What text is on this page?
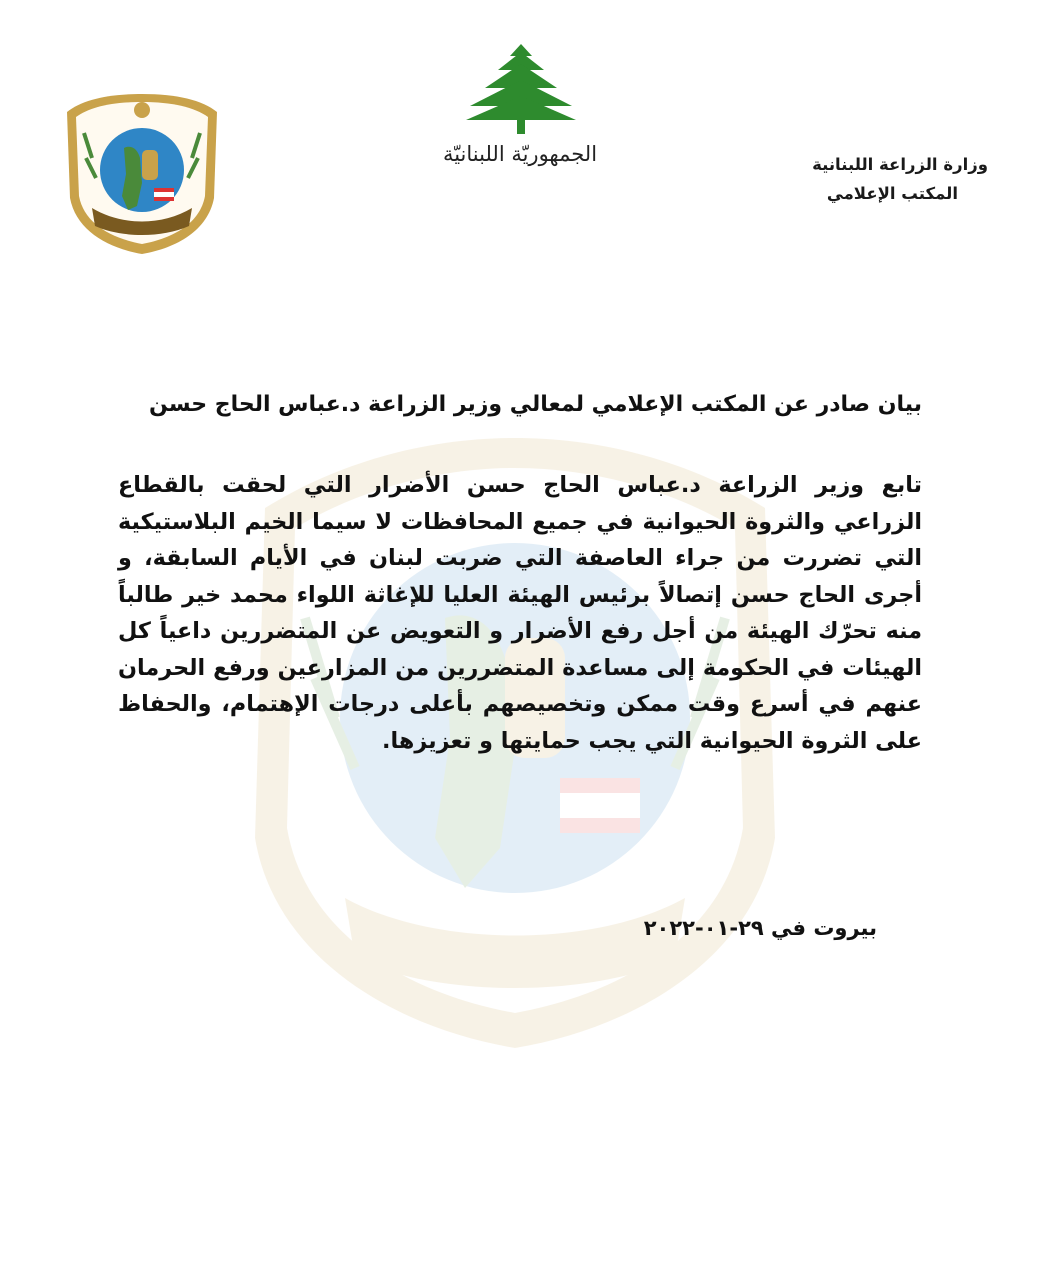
الجمهوريّة اللبنانيّة	وزارة الزراعة اللبنانية
المكتب الإعلامي
بيان صادر عن المكتب الإعلامي لمعالي وزير الزراعة د.عباس الحاج حسن
تابع وزير الزراعة د.عباس الحاج حسن الأضرار التي لحقت بالقطاع الزراعي والثروة الحيوانية في جميع المحافظات لا سيما الخيم البلاستيكية التي تضررت من جراء العاصفة التي ضربت لبنان في الأيام السابقة، و أجرى الحاج حسن إتصالاً برئيس الهيئة العليا للإغاثة اللواء محمد خير طالباً منه تحرّك الهيئة من أجل رفع الأضرار و التعويض عن المتضررين داعياً كل الهيئات في الحكومة إلى مساعدة المتضررين من المزارعين ورفع الحرمان عنهم في أسرع وقت ممكن وتخصيصهم بأعلى درجات الإهتمام، والحفاظ على الثروة الحيوانية التي يجب حمايتها و تعزيزها.
بيروت في ٢٩-٠١-٢٠٢٢
